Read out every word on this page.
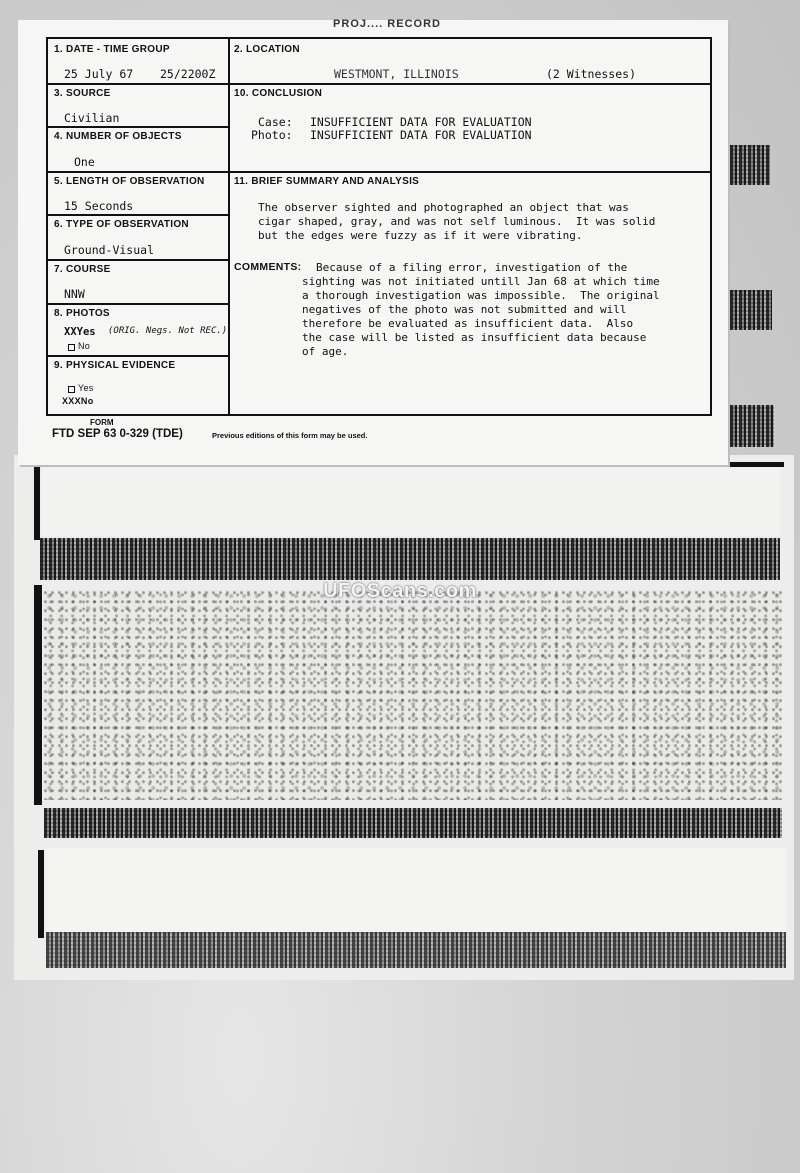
PROJ.... RECORD
1. DATE - TIME GROUP
25 July 67 25/2200Z
2. LOCATION
WESTMONT, ILLINOIS	(2 Witnesses)
3. SOURCE
Civilian
4. NUMBER OF OBJECTS
One
5. LENGTH OF OBSERVATION
15 Seconds
6. TYPE OF OBSERVATION
Ground-Visual
7. COURSE
NNW
8. PHOTOS
XXYes (ORIG. Negs. Not REC.)
No
9. PHYSICAL EVIDENCE
Yes
XXXNo
10. CONCLUSION
Case: INSUFFICIENT DATA FOR EVALUATION
Photo: INSUFFICIENT DATA FOR EVALUATION
11. BRIEF SUMMARY AND ANALYSIS
The observer sighted and photographed an object that was
cigar shaped, gray, and was not self luminous.  It was solid
but the edges were fuzzy as if it were vibrating.
COMMENTS: Because of a filing error, investigation of the
sighting was not initiated untill Jan 68 at which time
a thorough investigation was impossible.  The original
negatives of the photo was not submitted and will
therefore be evaluated as insufficient data.  Also
the case will be listed as insufficient data because
of age.
FORM
FTD SEP 63 0-329 (TDE)	Previous editions of this form may be used.
UFOScans.com
